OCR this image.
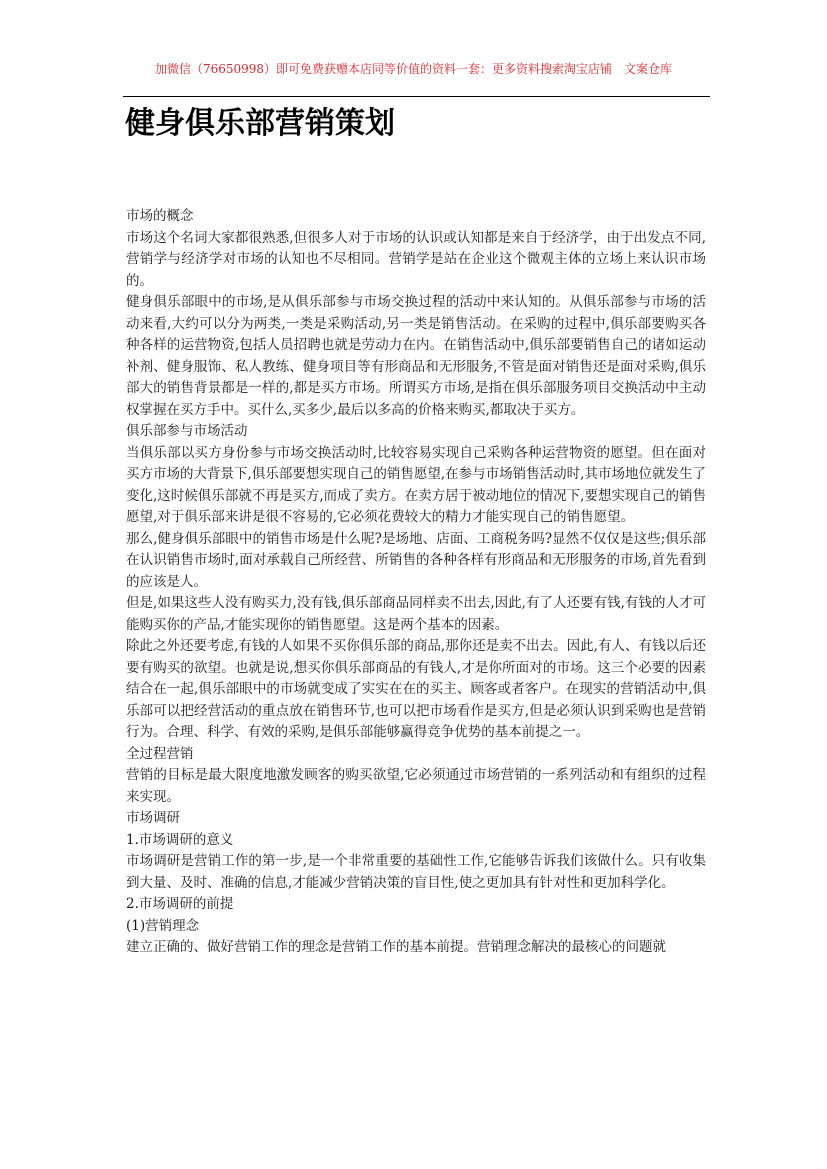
加微信（76650998）即可免费获赠本店同等价值的资料一套：更多资料搜索淘宝店铺　文案仓库
健身俱乐部营销策划

市场的概念

市场这个名词大家都很熟悉,但很多人对于市场的认识或认知都是来自于经济学，由于出发点不同,营销学与经济学对市场的认知也不尽相同。营销学是站在企业这个微观主体的立场上来认识市场的。

健身俱乐部眼中的市场,是从俱乐部参与市场交换过程的活动中来认知的。从俱乐部参与市场的活动来看,大约可以分为两类,一类是采购活动,另一类是销售活动。在采购的过程中,俱乐部要购买各种各样的运营物资,包括人员招聘也就是劳动力在内。在销售活动中,俱乐部要销售自己的诸如运动补剂、健身服饰、私人教练、健身项目等有形商品和无形服务,不管是面对销售还是面对采购,俱乐部大的销售背景都是一样的,都是买方市场。所谓买方市场,是指在俱乐部服务项目交换活动中主动权掌握在买方手中。买什么,买多少,最后以多高的价格来购买,都取决于买方。

俱乐部参与市场活动

当俱乐部以买方身份参与市场交换活动时,比较容易实现自己采购各种运营物资的愿望。但在面对买方市场的大背景下,俱乐部要想实现自己的销售愿望,在参与市场销售活动时,其市场地位就发生了变化,这时候俱乐部就不再是买方,而成了卖方。在卖方居于被动地位的情况下,要想实现自己的销售愿望,对于俱乐部来讲是很不容易的,它必须花费较大的精力才能实现自己的销售愿望。

那么,健身俱乐部眼中的销售市场是什么呢?是场地、店面、工商税务吗?显然不仅仅是这些;俱乐部在认识销售市场时,面对承载自己所经营、所销售的各种各样有形商品和无形服务的市场,首先看到的应该是人。

但是,如果这些人没有购买力,没有钱,俱乐部商品同样卖不出去,因此,有了人还要有钱,有钱的人才可能购买你的产品,才能实现你的销售愿望。这是两个基本的因素。

除此之外还要考虑,有钱的人如果不买你俱乐部的商品,那你还是卖不出去。因此,有人、有钱以后还要有购买的欲望。也就是说,想买你俱乐部商品的有钱人,才是你所面对的市场。这三个必要的因素结合在一起,俱乐部眼中的市场就变成了实实在在的买主、顾客或者客户。在现实的营销活动中,俱乐部可以把经营活动的重点放在销售环节,也可以把市场看作是买方,但是必须认识到采购也是营销行为。合理、科学、有效的采购,是俱乐部能够赢得竞争优势的基本前提之一。

全过程营销

营销的目标是最大限度地激发顾客的购买欲望,它必须通过市场营销的一系列活动和有组织的过程来实现。

市场调研

1.市场调研的意义

市场调研是营销工作的第一步,是一个非常重要的基础性工作,它能够告诉我们该做什么。只有收集到大量、及时、准确的信息,才能减少营销决策的盲目性,使之更加具有针对性和更加科学化。

2.市场调研的前提

(1)营销理念

建立正确的、做好营销工作的理念是营销工作的基本前提。营销理念解决的最核心的问题就
